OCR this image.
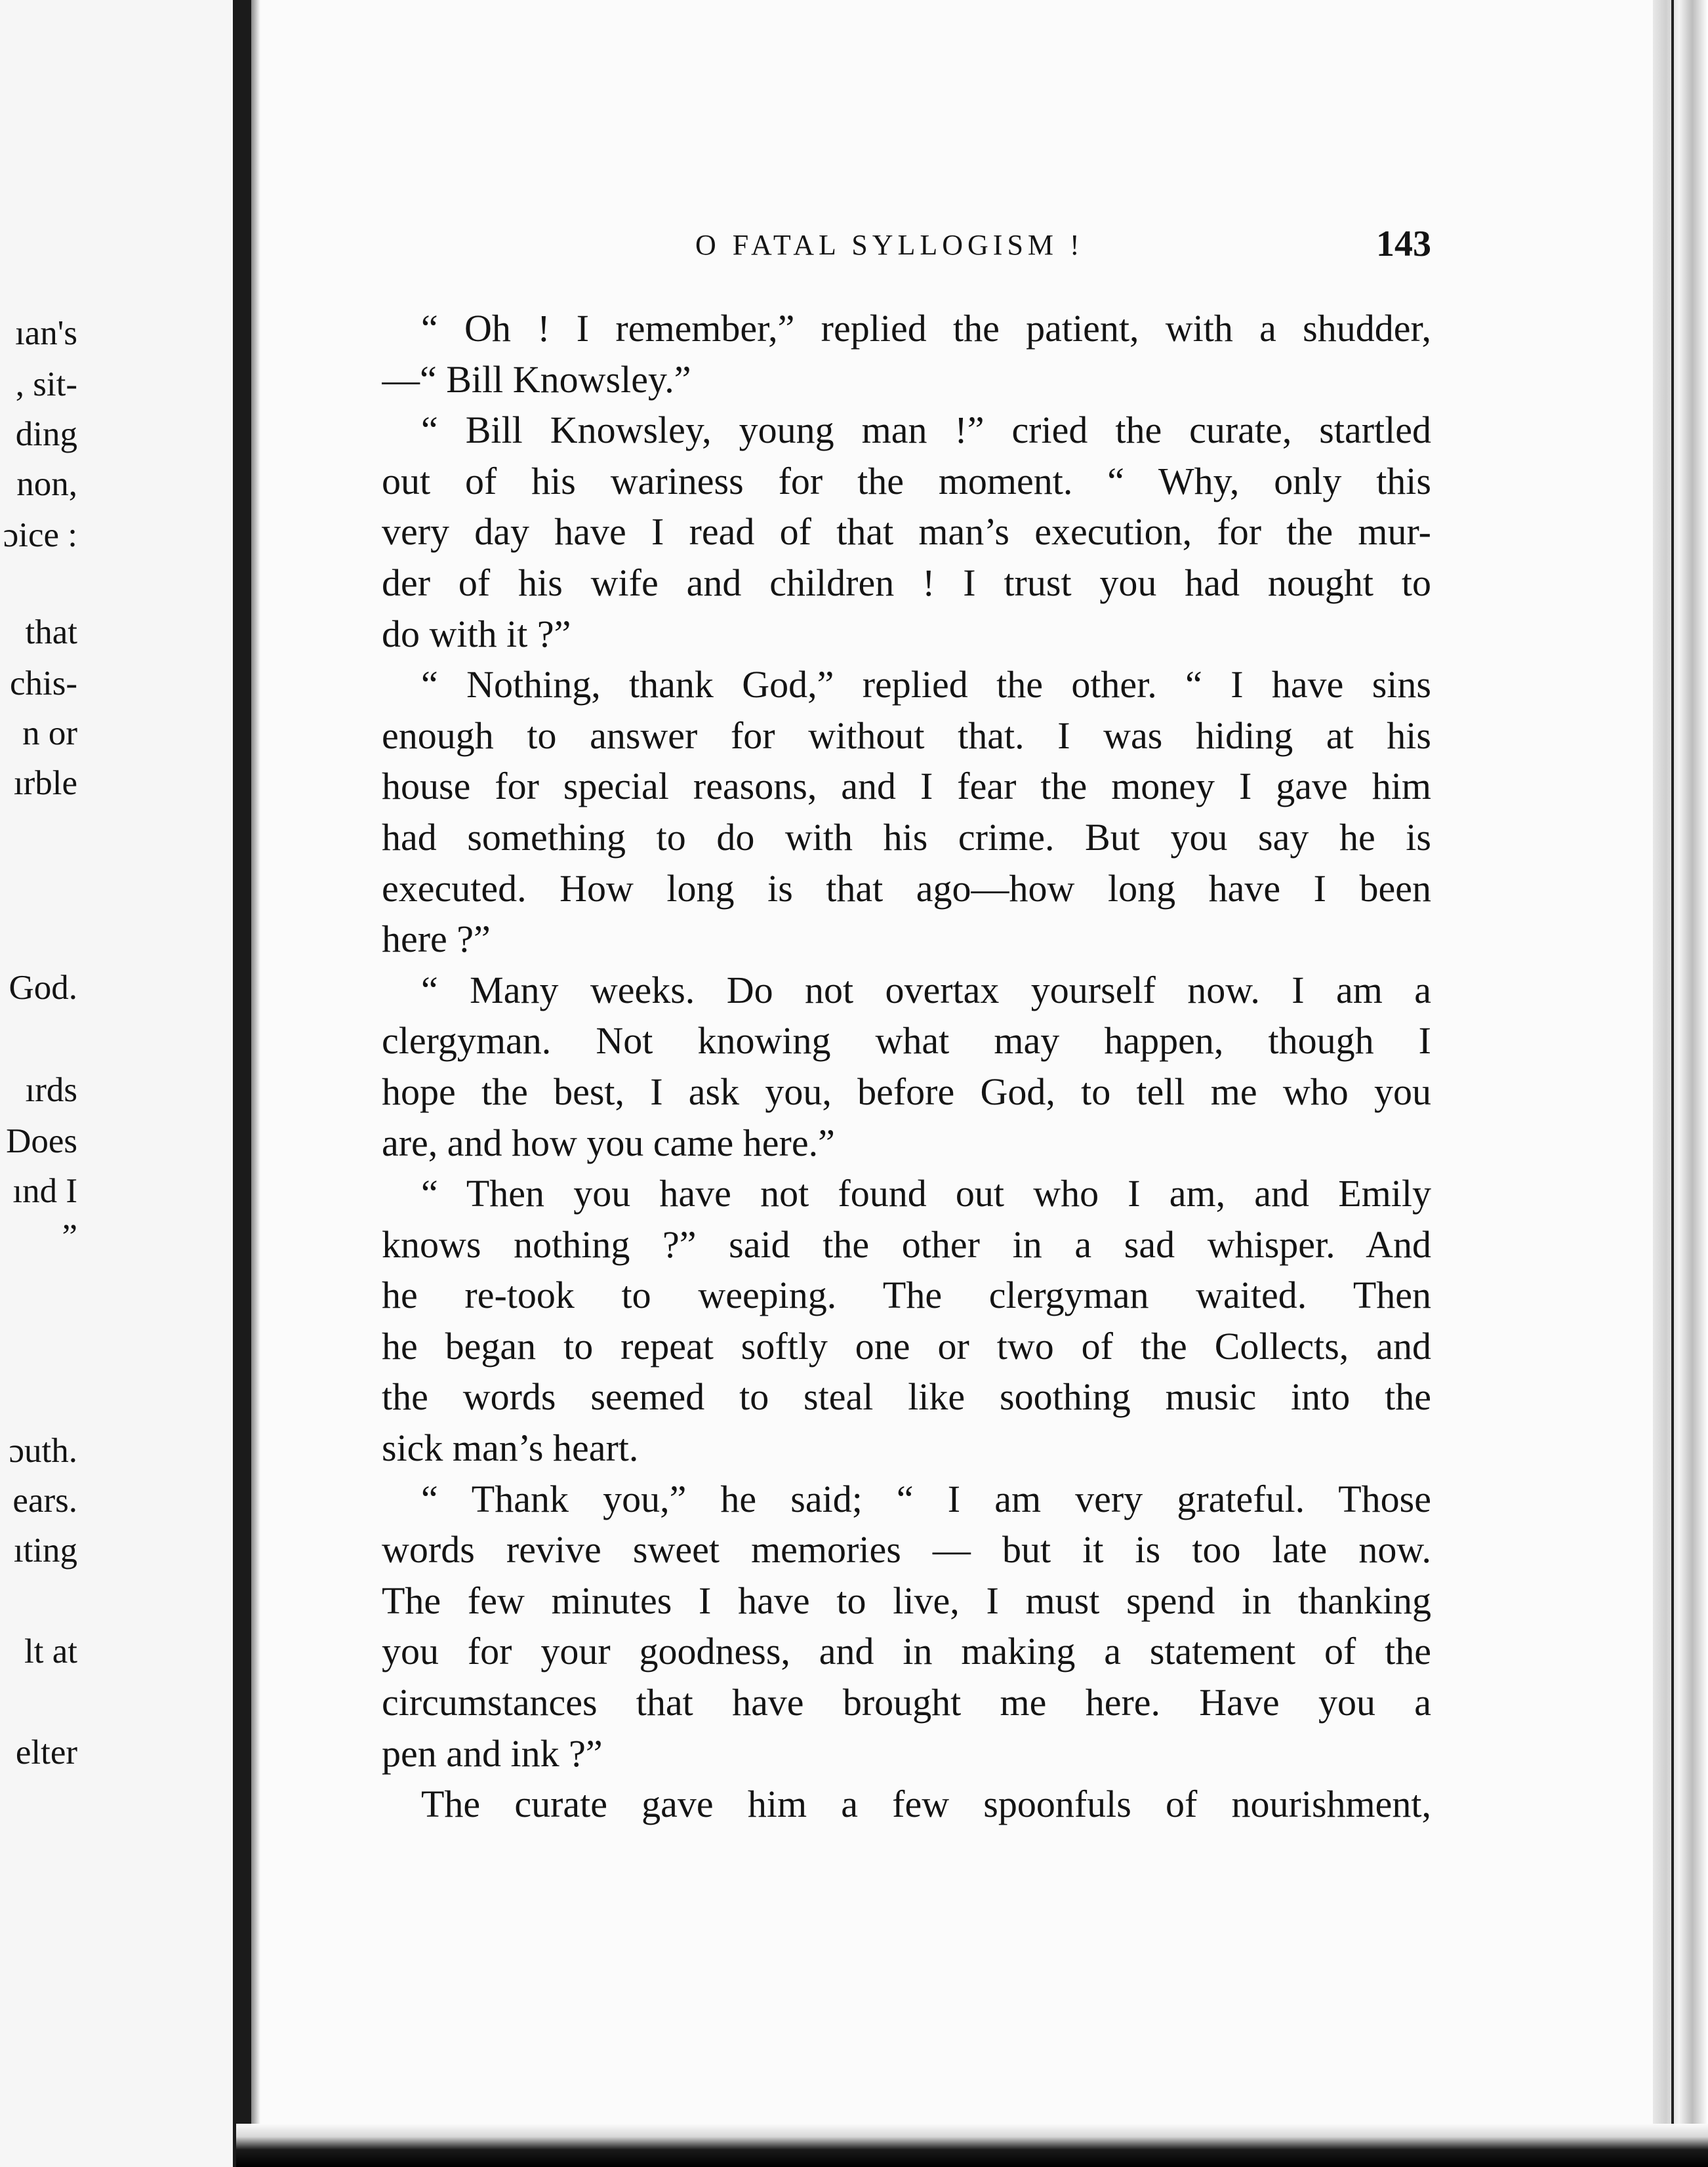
ıan's
, sit-
ding
non,
ɔice :
that
chis-
n or
ırble
God.
ırds
Does
ınd I
”
ɔuth.
ears.
ıting
lt at
elter
O FATAL SYLLOGISM !	143
“ Oh ! I remember,” replied the patient, with a shudder,
—“ Bill Knowsley.”
“ Bill Knowsley, young man !” cried the curate, startled
out of his wariness for the moment. “ Why, only this
very day have I read of that man’s execution, for the mur-
der of his wife and children ! I trust you had nought to
do with it ?”
“ Nothing, thank God,” replied the other. “ I have sins
enough to answer for without that. I was hiding at his
house for special reasons, and I fear the money I gave him
had something to do with his crime. But you say he is
executed. How long is that ago—how long have I been
here ?”
“ Many weeks. Do not overtax yourself now. I am a
clergyman. Not knowing what may happen, though I
hope the best, I ask you, before God, to tell me who you
are, and how you came here.”
“ Then you have not found out who I am, and Emily
knows nothing ?” said the other in a sad whisper. And
he re-took to weeping. The clergyman waited. Then
he began to repeat softly one or two of the Collects, and
the words seemed to steal like soothing music into the
sick man’s heart.
“ Thank you,” he said; “ I am very grateful. Those
words revive sweet memories — but it is too late now.
The few minutes I have to live, I must spend in thanking
you for your goodness, and in making a statement of the
circumstances that have brought me here. Have you a
pen and ink ?”
The curate gave him a few spoonfuls of nourishment,
